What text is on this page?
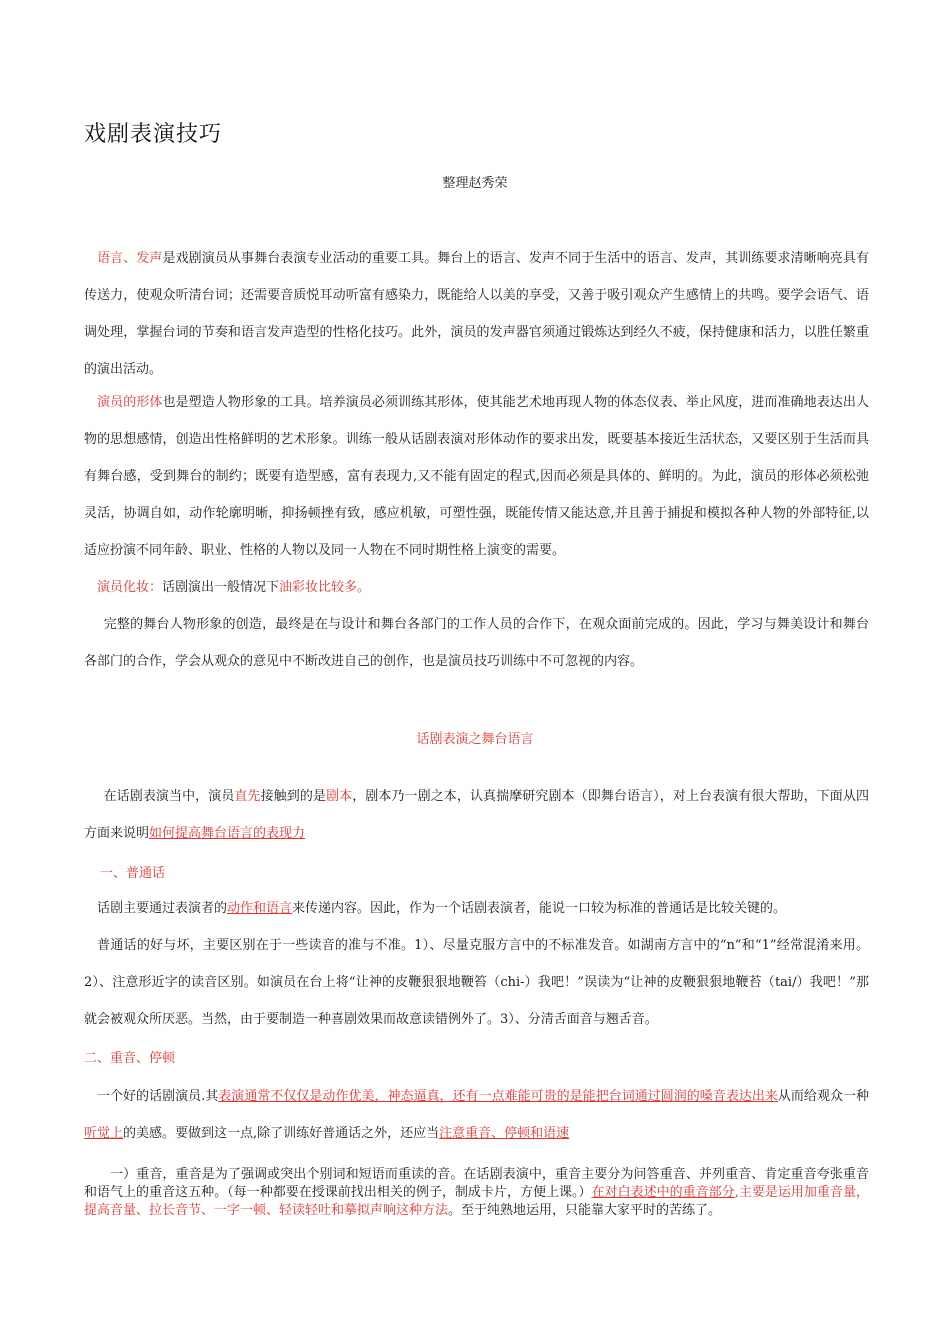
戏剧表演技巧
整理赵秀荣
 语言、发声是戏剧演员从事舞台表演专业活动的重要工具。舞台上的语言、发声不同于生活中的语言、发声，其训练要求清晰响亮具有传送力，使观众听清台词；还需要音质悦耳动听富有感染力，既能给人以美的享受，又善于吸引观众产生感情上的共鸣。要学会语气、语调处理，掌握台词的节奏和语言发声造型的性格化技巧。此外，演员的发声器官须通过锻炼达到经久不疲，保持健康和活力，以胜任繁重的演出活动。
 演员的形体也是塑造人物形象的工具。培养演员必须训练其形体，使其能艺术地再现人物的体态仪表、举止风度，进而准确地表达出人物的思想感情，创造出性格鲜明的艺术形象。训练一般从话剧表演对形体动作的要求出发，既要基本接近生活状态，又要区别于生活而具有舞台感，受到舞台的制约；既要有造型感，富有表现力,又不能有固定的程式,因而必须是具体的、鲜明的。为此，演员的形体必须松弛灵活，协调自如，动作轮廓明晰，抑扬顿挫有致，感应机敏，可塑性强，既能传情又能达意,并且善于捕捉和模拟各种人物的外部特征,以适应扮演不同年龄、职业、性格的人物以及同一人物在不同时期性格上演变的需要。
 演员化妆：话剧演出一般情况下油彩妆比较多。
  完整的舞台人物形象的创造，最终是在与设计和舞台各部门的工作人员的合作下，在观众面前完成的。因此，学习与舞美设计和舞台各部门的合作，学会从观众的意见中不断改进自己的创作，也是演员技巧训练中不可忽视的内容。
话剧表演之舞台语言
  在话剧表演当中，演员直先接触到的是剧本，剧本乃一剧之本，认真揣摩研究剧本（即舞台语言），对上台表演有很大帮助，下面从四方面来说明如何提高舞台语言的表现力
一、普通话
 话剧主要通过表演者的动作和语言来传递内容。因此，作为一个话剧表演者，能说一口较为标准的普通话是比较关键的。
 普通话的好与坏，主要区别在于一些读音的准与不准。1）、尽量克服方言中的不标准发音。如湖南方言中的“n”和“1”经常混淆来用。2）、注意形近字的读音区别。如演员在台上将“让神的皮鞭狠狠地鞭笞（chi-）我吧！”误读为“让神的皮鞭狠狠地鞭苔（tai/）我吧！”那就会被观众所厌恶。当然，由于要制造一种喜剧效果而故意读错例外了。3）、分清舌面音与翘舌音。
二、重音、停顿
 一个好的话剧演员.其表演通常不仅仅是动作优美，神态逼真，还有一点难能可贵的是能把台词通过圆润的嗓音表达出来从而给观众一种听觉上的美感。要做到这一点,除了训练好普通话之外，还应当注意重音、停顿和语速
  一）重音，重音是为了强调或突出个别词和短语而重读的音。在话剧表演中，重音主要分为问答重音、并列重音、肯定重音夸张重音和语气上的重音这五种。（每一种都要在授课前找出相关的例子，制成卡片，方便上课。）在对白表述中的重音部分,主要是运用加重音量，提高音量、拉长音节、一字一顿、轻读轻吐和摹拟声响这种方法。至于纯熟地运用，只能靠大家平时的苦练了。
